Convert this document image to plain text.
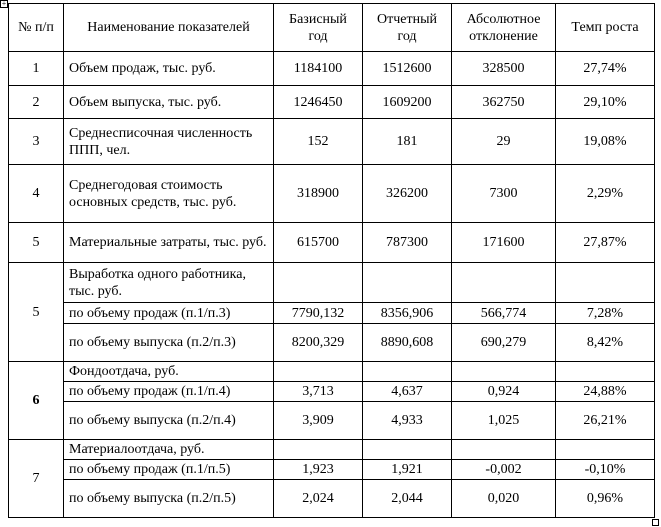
+
№ п/п	Наименование показателей	Базисный год	Отчетный год	Абсолютное отклонение	Темп роста
1	Объем продаж, тыс. руб.	1184100	1512600	328500	27,74%
2	Объем выпуска, тыс. руб.	1246450	1609200	362750	29,10%
3	Среднесписочная численность ППП, чел.	152	181	29	19,08%
4	Среднегодовая стоимость основных средств, тыс. руб.	318900	326200	7300	2,29%
5	Материальные затраты, тыс. руб.	615700	787300	171600	27,87%
5	Выработка одного работника, тыс. руб.				
	по объему продаж (п.1/п.3)	7790,132	8356,906	566,774	7,28%
	по объему выпуска (п.2/п.3)	8200,329	8890,608	690,279	8,42%
6	Фондоотдача, руб.				
	по объему продаж (п.1/п.4)	3,713	4,637	0,924	24,88%
	по объему выпуска (п.2/п.4)	3,909	4,933	1,025	26,21%
7	Материалоотдача, руб.				
	по объему продаж (п.1/п.5)	1,923	1,921	-0,002	-0,10%
	по объему выпуска (п.2/п.5)	2,024	2,044	0,020	0,96%
